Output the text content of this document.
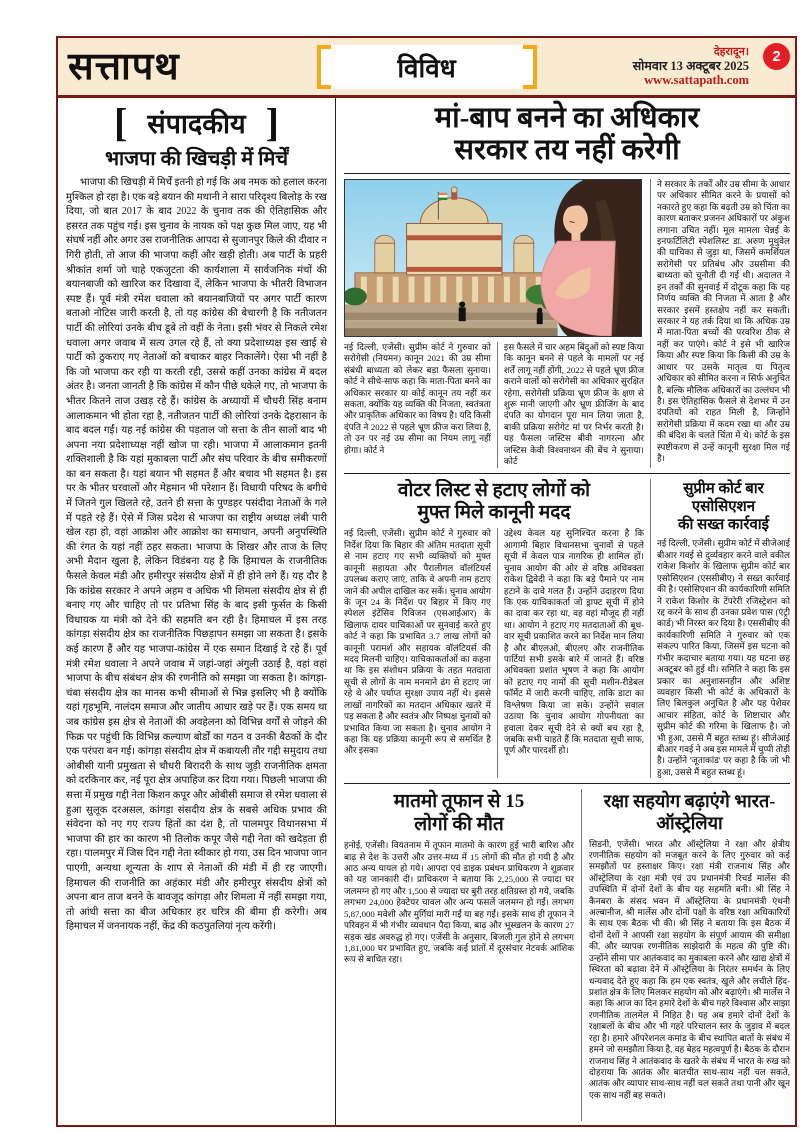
सत्तापथ	विविध
देहरादून।
सोमवार 13 अक्टूबर 2025
www.sattapath.com
2
[ संपादकीय ]
भाजपा की खिचड़ी में मिर्चें
भाजपा की खिचड़ी में मिर्चें इतनी हो गई कि अब नमक को हलाल करना मुश्किल हो रहा है। एक बड़े बयान की मथानी ने सारा परिदृश्य बिलोड़ के रख दिया, जो बात 2017 के बाद 2022 के चुनाव तक की ऐतिहासिक और हसरत तक पहुंच गई। इस चुनाव के नायक को पक्ष कुछ मिल जाए, यह भी संघर्ष नहीं और अगर उस राजनीतिक आपदा से सुजानपुर किले की दीवार न गिरी होती, तो आज की भाजपा कहीं और खड़ी होती। अब पार्टी के प्रहरी श्रीकांत शर्मा जो चाहे एकजुटता की कार्यशाला में सार्वजनिक मंचों की बयानबाजी को खारिज कर दिखावा दें, लेकिन भाजपा के भीतरी विभाजन स्पष्ट हैं। पूर्व मंत्री रमेश धवाला को बयानबाजियों पर अगर पार्टी कारण बताओ नोटिस जारी करती है, तो यह कांग्रेस की बेचारगी है कि नतीजतन पार्टी की लोरियां उनके बीच डूबे तो वहीं के नेता। इसी भंवर से निकले रमेश धवाला अगर जवाब में सत्य उगल रहे हैं, तो क्या प्रदेशाध्यक्ष इस खाई से पार्टी को ठुकराए गए नेताओं को बचाकर बाहर निकालेंगे। ऐसा भी नहीं है कि जो भाजपा कर रही या करती रही, उससे कहीं उनका कांग्रेस में बदल अंतर है। जनता जानती है कि कांग्रेस में कौन पीछे धकेले गए, तो भाजपा के भीतर कितने ताज उखड़ रहे हैं। कांग्रेस के अध्यायों में चौधरी सिंह बनाम आलाकमान भी होता रहा है, नतीजतन पार्टी की लोरियां उनके देहरासान के बाद बदल गईं। यह नई कांग्रेस की पड़ताल जो सत्ता के तीन सालों बाद भी अपना नया प्रदेशाध्यक्ष नहीं खोज पा रही। भाजपा में आलाकमान इतनी शक्तिशाली है कि यहां मुकाबला पार्टी और संघ परिवार के बीच समीकरणों का बन सकता है। यहां बयान भी सहमत हैं और बचाव भी सहमत है। इस पर के भीतर घरवालों और मेहमान भी परेशान हैं। विधायी परिषद के बगीचे में जितने गुल खिलते रहे, उतने ही सत्ता के पुण्डहर पसंदीदा नेताओं के गले में पड़ते रहे हैं। ऐसे में जिस प्रदेश से भाजपा का राष्ट्रीय अध्यक्ष लंबी पारी खेल रहा हो, वहां आक्रोश और आक्रोश का समाधान, अपनी अनुपस्थिति की रंगत के यहां नहीं ठहर सकता। भाजपा के शिखर और ताज के लिए अभी मैदान खुला है, लेकिन विडंबना यह है कि हिमाचल के राजनीतिक फैसले केवल मंडी और हमीरपुर संसदीय क्षेत्रों में ही होने लगे हैं। यह दौर है कि कांग्रेस सरकार ने अपने अहम व अधिक भी शिमला संसदीय क्षेत्र से ही बनाए गए और चाहिए तो पर प्रतिभा सिंह के बाद इसी फुर्सत के किसी विधायक या मंत्री को देने की सहमति बन रही है। हिमाचल में इस तरह कांगड़ा संसदीय क्षेत्र का राजनीतिक पिछड़ापन समझा जा सकता है। इसके कई कारण हैं और यह भाजपा-कांग्रेस में एक समान दिखाई दे रहे हैं। पूर्व मंत्री रमेश धवाला ने अपने जवाब में जहां-जहां अंगुली उठाई है, वहां वहां भाजपा के बीच संबंधन क्षेत्र की रणनीति को समझा जा सकता है। कांगड़ा-चंबा संसदीय क्षेत्र का मानस कभी सीमाओं से भिन्न इसलिए भी है क्योंकि यहां गृहभूमि, नालंदम समाज और जातीय आधार खड़े पर हैं। एक समय था जब कांग्रेस इस क्षेत्र से नेताओं की अवहेलना को विभिन्न वर्गों से जोड़ने की फिक्र पर पहुंची कि विभिन्न कल्याण बोर्डों का गठन व उनकी बैठकों के दौर एक परंपरा बन गई। कांगड़ा संसदीय क्षेत्र में कबायली तौर गद्दी समुदाय तथा ओबीसी यानी प्रमुखता से चौधरी बिरादरी के साथ जुड़ी राजनीतिक क्षमता को दरकिनार कर, नई पूरा क्षेत्र अपाहिज कर दिया गया। पिछली भाजपा की सत्ता में प्रमुख गद्दी नेता किशन कपूर और ओबीसी समाज से रमेश धवाला से हुआ सुलूक दरअसल, कांगड़ा संसदीय क्षेत्र के सबसे अधिक प्रभाव की संवेदना को नए गए राज्य हितों का दंश है, तो पालमपुर विधानसभा में भाजपा की हार का कारण भी तिलोक कपूर जैसे गद्दी नेता को खदेड़ता ही रहा। पालमपुर में जिस दिन गद्दी नेता स्वीकार हो गया, उस दिन भाजपा जान पाएगी, अन्यथा शून्यता के शाप से नेताओं की मंडी में ही रह जाएगी। हिमाचल की राजनीति का अहंकार मंडी और हमीरपुर संसदीय क्षेत्रों को अपना बान ताज बनने के बावजूद कांगड़ा और शिमला में नहीं समझा गया, तो आंधी सत्ता का बीज अधिकार हर चरित्र की बीमा ही करेगी। अब हिमाचल में जननायक नहीं, केंद्र की कठपुतलियां नृत्य करेंगी।
मां-बाप बनने का अधिकार
सरकार तय नहीं करेगी
नई दिल्ली, एजेंसी। सुप्रीम कोर्ट ने गुरुवार को सरोगेसी (नियमन) कानून 2021 की उम्र सीमा संबंधी बाध्यता को लेकर बड़ा फैसला सुनाया। कोर्ट ने सीधे-साफ कहा कि माता-पिता बनने का अधिकार सरकार या कोई कानून तय नहीं कर सकता, क्योंकि यह व्यक्ति की निजता, स्वतंत्रता और प्राकृतिक अधिकार का विषय है। यदि किसी दंपति ने 2022 से पहले भ्रूण फ्रीज करा लिया है, तो उन पर नई उम्र सीमा का नियम लागू नहीं होगा। कोर्ट ने
इस फैसले में चार अहम बिंदुओं को स्पष्ट किया कि कानून बनने से पहले के मामलों पर नई शर्तें लागू नहीं होंगी, 2022 से पहले भ्रूण फ्रीज कराने वालों को सरोगेसी का अधिकार सुरक्षित रहेगा, सरोगेसी प्रक्रिया भ्रूण फ्रीज के क्षण से शुरू मानी जाएगी और भ्रूण फ्रीजिंग के बाद दंपति का योगदान पूरा मान लिया जाता है, बाकी प्रक्रिया सरोगेट मां पर निर्भर करती है। यह फैसला जस्टिस बीवी नागरत्ना और जस्टिस केवी विश्वनाथन की बेंच ने सुनाया। कोर्ट
ने सरकार के तर्कों और उम्र सीमा के आधार पर अधिकार सीमित करने के प्रयासों को नकारते हुए कहा कि बढ़ती उम्र को चिंता का कारण बताकर प्रजनन अधिकारों पर अंकुश लगाना उचित नहीं। मूल मामला चेन्नई के इनफर्टिलिटी स्पेशलिस्ट डा. अरुण मुथुवेल की याचिका से जुड़ा था, जिसमें कमर्शियल सरोगेसी पर प्रतिबंध और उम्रसीमा की बाध्यता को चुनौती दी गई थी। अदालत ने इन तर्कों की सुनवाई में दोटूक कहा कि यह निर्णय व्यक्ति की निजता में आता है और सरकार इसमें हस्तक्षेप नहीं कर सकती। सरकार ने यह तर्क दिया था कि अधिक उम्र में माता-पिता बच्चों की परवरिश ठीक से नहीं कर पाएंगे। कोर्ट ने इसे भी खारिज किया और स्पष्ट किया कि किसी की उम्र के आधार पर उसके मातृत्व या पितृत्व अधिकार को सीमित करना न सिर्फ अनुचित है, बल्कि मौलिक अधिकारों का उल्लंघन भी है। इस ऐतिहासिक फैसले से देशभर में उन दंपतियों को राहत मिली है, जिन्होंने सरोगेसी प्रक्रिया में कदम रखा था और उम्र की बंदिश के चलते चिंता में थे। कोर्ट के इस स्पष्टीकरण से उन्हें कानूनी सुरक्षा मिल गई है।
वोटर लिस्ट से हटाए लोगों को
मुफ्त मिले कानूनी मदद
नई दिल्ली, एजेंसी। सुप्रीम कोर्ट ने गुरुवार को निर्देश दिया कि बिहार की अंतिम मतदाता सूची से नाम हटाए गए सभी व्यक्तियों को मुफ्त कानूनी सहायता और पैरालीगल वॉलंटियर्स उपलब्ध कराए जाएं, ताकि वे अपनी नाम हटाए जाने की अपील दाखिल कर सकें। चुनाव आयोग के जून 24 के निर्देश पर बिहार में किए गए स्पेशल इंटेंसिव रिविजन (एसआईआर) के खिलाफ दायर याचिकाओं पर सुनवाई करते हुए कोर्ट ने कहा कि प्रभावित 3.7 लाख लोगों को कानूनी परामर्श और सहायक वॉलंटियर्स की मदद मिलनी चाहिए। याचिकाकर्ताओं का कहना था कि इस संशोधन प्रक्रिया के तहत मतदाता सूची से लोगों के नाम मनमाने ढंग से हटाए जा रहे थे और पर्याप्त सुरक्षा उपाय नहीं थे। इससे लाखों नागरिकों का मतदान अधिकार खतरे में पड़ सकता है और स्वतंत्र और निष्पक्ष चुनावों को प्रभावित किया जा सकता है। चुनाव आयोग ने कहा कि यह प्रक्रिया कानूनी रूप से समर्थित है और इसका
उद्देश्य केवल यह सुनिश्चित करना है कि आगामी बिहार विधानसभा चुनावों से पहले सूची में केवल पात्र नागरिक ही शामिल हों। चुनाव आयोग की ओर से वरिष्ठ अधिवक्ता राकेश द्विवेदी ने कहा कि बड़े पैमाने पर नाम हटाने के दावे गलत हैं। उन्होंने उदाहरण दिया कि एक याचिकाकर्ता जो ड्राफ्ट सूची में होने का दावा कर रहा था, वह वहां मौजूद ही नहीं था। आयोग ने हटाए गए मतदाताओं की बूथ-वार सूची प्रकाशित करने का निर्देश मान लिया है और बीएलओ, बीएलए और राजनीतिक पार्टियां सभी इसके बारे में जानते हैं। वरिष्ठ अधिवक्ता प्रशांत भूषण ने कहा कि आयोग को हटाए गए नामों की सूची मशीन-रीडेबल फॉर्मेट में जारी करनी चाहिए, ताकि डाटा का विश्लेषण किया जा सके। उन्होंने सवाल उठाया कि चुनाव आयोग गोपनीयता का हवाला देकर सूची देने से क्यों बच रहा है, जबकि सभी चाहते हैं कि मतदाता सूची साफ, पूर्ण और पारदर्शी हो।
सुप्रीम कोर्ट बार एसोसिएशन
की सख्त कार्रवाई
नई दिल्ली, एजेंसी। सुप्रीम कोर्ट में सीजेआई बीआर गवई से दुर्व्यवहार करने वाले वकील राकेश किशोर के खिलाफ सुप्रीम कोर्ट बार एसोसिएशन (एससीबीए) ने सख्त कार्रवाई की है। एसोसिएशन की कार्यकारिणी समिति ने राकेश किशोर के टेंपरेरी रजिस्ट्रेशन को रद्द करने के साथ ही उनका प्रवेश पास (एंट्री कार्ड) भी निरस्त कर दिया है। एससीबीए की कार्यकारिणी समिति ने गुरुवार को एक संकल्प पारित किया, जिसमें इस घटना को गंभीर कदाचार बताया गया। यह घटना छह अक्टूबर को हुई थी। समिति ने कहा कि इस प्रकार का अनुशासनहीन और अशिष्ट व्यवहार किसी भी कोर्ट के अधिकारों के लिए बिलकुल अनुचित है और यह पेशेवर आचार संहिता, कोर्ट के शिष्टाचार और सुप्रीम कोर्ट की गरिमा के खिलाफ है। जो भी हुआ, उससे मैं बहुत स्तब्ध हूं। सीजेआई बीआर गवई ने अब इस मामले में चुप्पी तोड़ी है। उन्होंने 'जूताकांड' पर कहा है कि जो भी हुआ, उससे मैं बहुत स्तब्ध हूं।
मातमो तूफान से 15
लोगों की मौत
हनोई, एजेंसी। वियतनाम में तूफान मातमो के कारण हुई भारी बारिश और बाढ़ से देश के उत्तरी और उत्तर-मध्य में 15 लोगों की मौत हो गयी है और आठ अन्य घायल हो गये। आपदा एवं डाइक प्रबंधन प्राधिकरण ने शुक्रवार को यह जानकारी दी। प्राधिकरण ने बताया कि 2,25,000 से ज्यादा घर जलमग्न हो गए और 1,500 से ज्यादा घर बुरी तरह क्षतिग्रस्त हो गये, जबकि लगभग 24,000 हेक्टेयर चावल और अन्य फसलें जलमग्न हो गईं। लगभग 5,87,000 मवेशी और मुर्गियां मारी गईं या बह गईं। इसके साथ ही तूफान ने परिवहन में भी गंभीर व्यवधान पैदा किया, बाढ़ और भूस्खलन के कारण 27 सड़क खंड अवरुद्ध हो गए। एजेंसी के अनुसार, बिजली गुल होने से लगभग 1,81,000 घर प्रभावित हुए, जबकि कई प्रांतों में दूरसंचार नेटवर्क आंशिक रूप से बाधित रहा।
रक्षा सहयोग बढ़ाएंगे भारत-ऑस्ट्रेलिया
सिडनी, एजेंसी। भारत और ऑस्ट्रेलिया ने रक्षा और क्षेत्रीय रणनीतिक सहयोग को मजबूत करने के लिए गुरुवार को कई समझौतों पर हस्ताक्षर किए। रक्षा मंत्री राजनाथ सिंह और ऑस्ट्रेलिया के रक्षा मंत्री एवं उप प्रधानमंत्री रिचर्ड मार्लेस की उपस्थिति में दोनों देशों के बीच यह सहमति बनी। श्री सिंह ने कैनबरा के संसद भवन में ऑस्ट्रेलिया के प्रधानमंत्री एंथनी अल्बानीज, श्री मार्लेस और दोनों पक्षों के वरिष्ठ रक्षा अधिकारियों के साथ एक बैठक भी की। श्री सिंह ने बताया कि इस बैठक में दोनों देशों ने आपसी रक्षा सहयोग के संपूर्ण आयाम की समीक्षा की, और व्यापक रणनीतिक साझेदारी के महत्व की पुष्टि की। उन्होंने सीमा पार आतंकवाद का मुकाबला करने और खाद्य क्षेत्रों में स्थिरता को बढ़ावा देने में ऑस्ट्रेलिया के निरंतर समर्थन के लिए धन्यवाद देते हुए कहा कि हम एक स्वतंत्र, खुले और लचीले हिंद-प्रशांत क्षेत्र के लिए मिलकर सहयोग को और बढ़ाएंगे। श्री मार्लेस ने कहा कि आज का दिन हमारे देशों के बीच गहरे विश्वास और साझा रणनीतिक तालमेल में निहित है। यह अब हमारे दोनों देशों के रक्षाबलों के बीच और भी गहरे परिचालन स्तर के जुड़ाव में बदल रहा है। हमारे ऑपरेशनल कमांड के बीच स्थापित बातों के संबंध में हमने जो समझौता किया है, वह बेहद महत्वपूर्ण है। बैठक के दौरान राजनाथ सिंह ने आतंकवाद के खतरे के संबंध में भारत के रुख को दोहराया कि आतंक और बातचीत साथ-साथ नहीं चल सकते, आतंक और व्यापार साथ-साथ नहीं चल सकते तथा पानी और खून एक साथ नहीं बह सकते।
